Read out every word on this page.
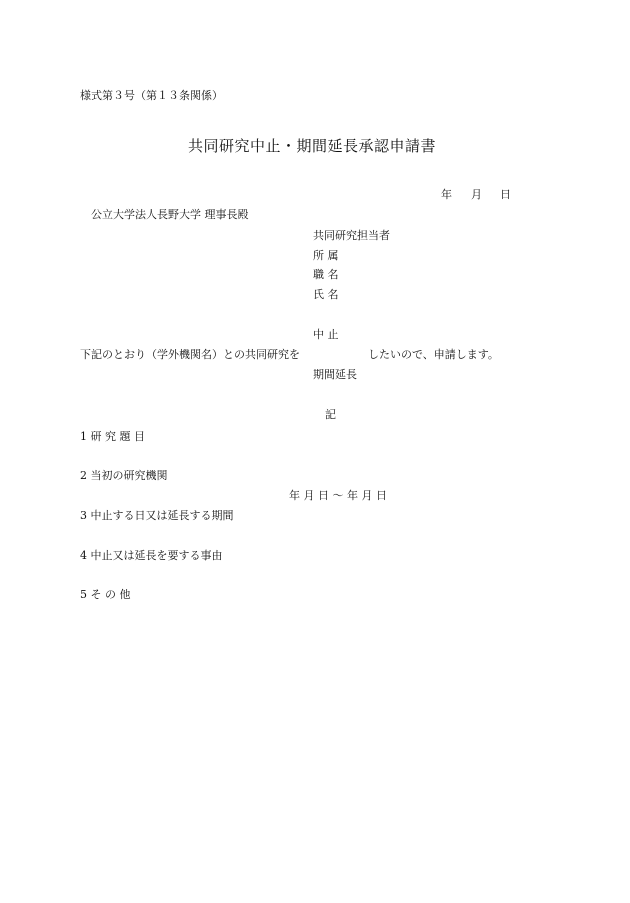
様式第３号（第１３条関係）
共同研究中止・期間延長承認申請書
年 月 日
公立大学法人長野大学 理事長殿
共同研究担当者
所 属
職 名
氏 名
中 止
下記のとおり（学外機関名）との共同研究を	したいので、申請します。
期間延長
記
1 研 究 題 目
2 当初の研究機関
年 月 日 〜 年 月 日
3 中止する日又は延長する期間
4 中止又は延長を要する事由
5 そ の 他
